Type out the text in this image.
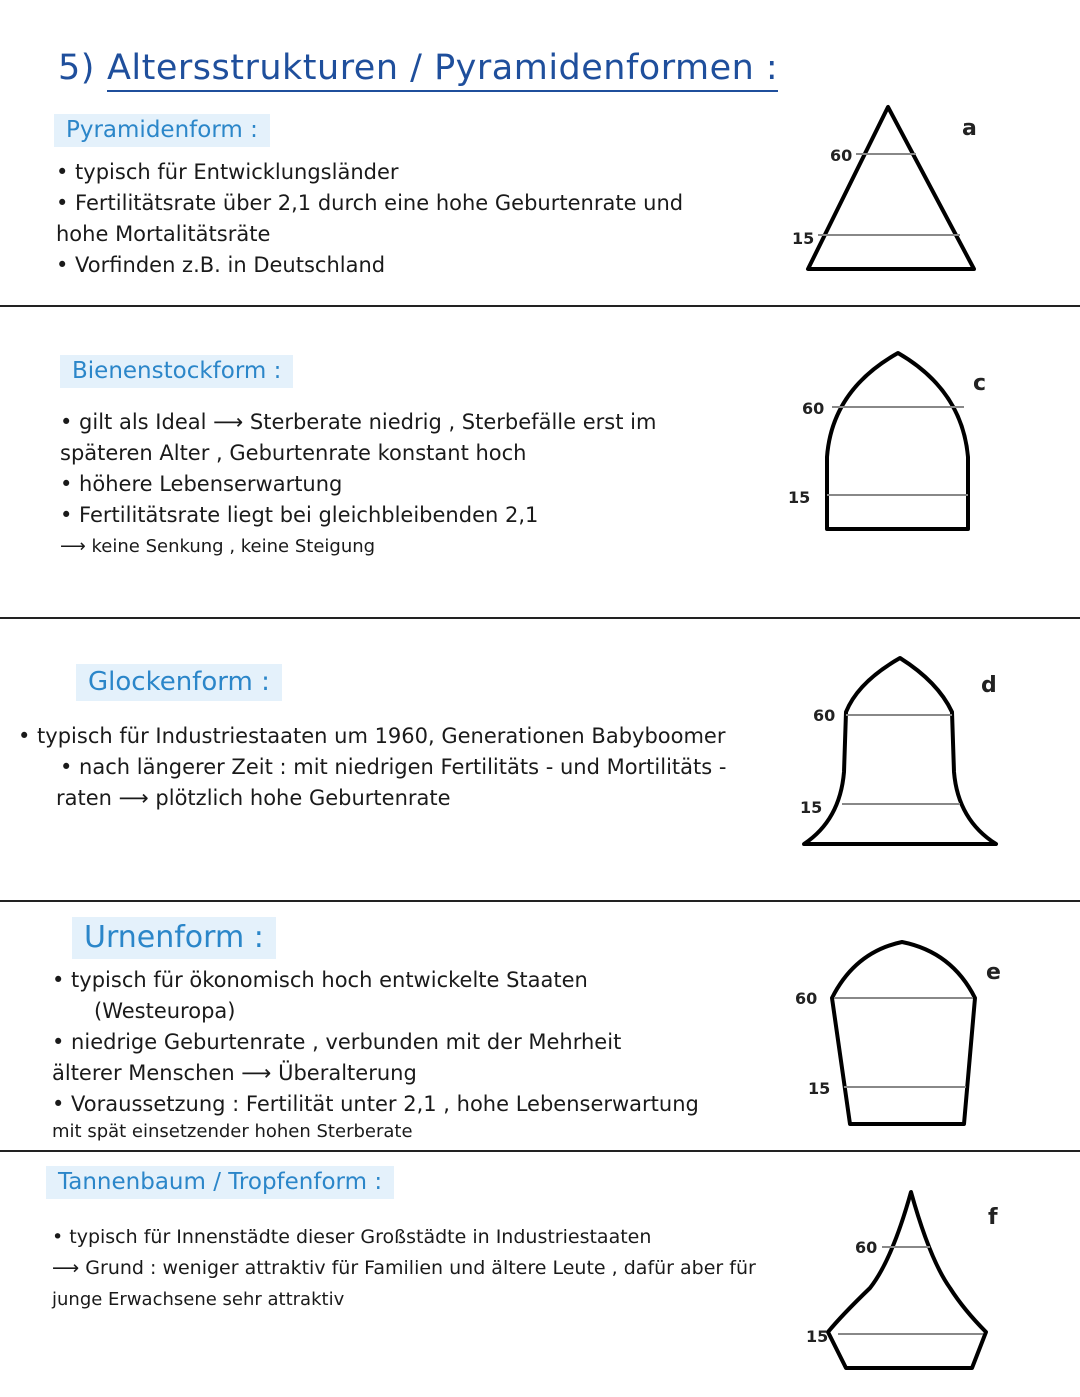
5) Altersstrukturen / Pyramidenformen :
Pyramidenform :
• typisch für Entwicklungsländer
• Fertilitätsrate über 2,1 durch eine hohe Geburtenrate und
hohe Mortalitätsräte
• Vorfinden z.B. in Deutschland
60
15
a
Bienenstockform :
• gilt als Ideal ⟶ Sterberate niedrig , Sterbefälle erst im
späteren Alter , Geburtenrate konstant hoch
• höhere Lebenserwartung
• Fertilitätsrate liegt bei gleichbleibenden 2,1
⟶ keine Senkung , keine Steigung
60
15
c
Glockenform :
• typisch für Industriestaaten um 1960, Generationen Babyboomer
• nach längerer Zeit : mit niedrigen Fertilitäts - und Mortilitäts -
raten ⟶ plötzlich hohe Geburtenrate
60
15
d
Urnenform :
• typisch für ökonomisch hoch entwickelte Staaten
(Westeuropa)
• niedrige Geburtenrate , verbunden mit der Mehrheit
älterer Menschen ⟶ Überalterung
• Voraussetzung : Fertilität unter 2,1 , hohe Lebenserwartung
mit spät einsetzender hohen Sterberate
60
15
e
Tannenbaum / Tropfenform :
• typisch für Innenstädte dieser Großstädte in Industriestaaten
⟶ Grund : weniger attraktiv für Familien und ältere Leute , dafür aber für
junge Erwachsene sehr attraktiv
60
15
f
